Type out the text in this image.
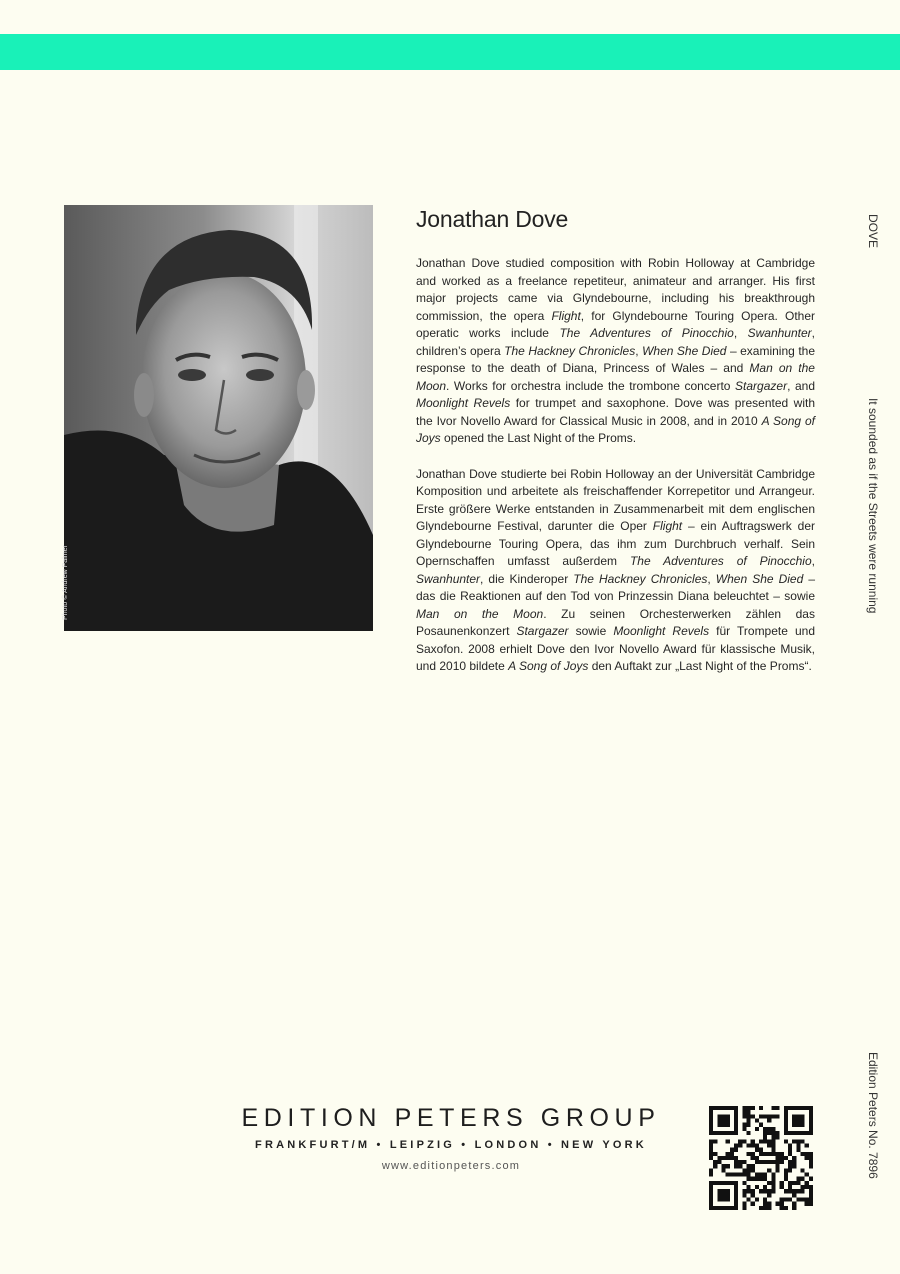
Photo © Andrew Palmer
Jonathan Dove

Jonathan Dove studied composition with Robin Holloway at Cambridge and worked as a freelance repetiteur, animateur and arranger. His first major projects came via Glyndebourne, including his breakthrough commission, the opera Flight, for Glyndebourne Touring Opera. Other operatic works include The Adventures of Pinocchio, Swanhunter, children’s opera The Hackney Chronicles, When She Died – examining the response to the death of Diana, Princess of Wales – and Man on the Moon. Works for orchestra include the trombone concerto Stargazer, and Moonlight Revels for trumpet and saxophone. Dove was presented with the Ivor Novello Award for Classical Music in 2008, and in 2010 A Song of Joys opened the Last Night of the Proms.

Jonathan Dove studierte bei Robin Holloway an der Universität Cambridge Komposition und arbeitete als freischaffender Korrepetitor und Arrangeur. Erste größere Werke entstanden in Zusammenarbeit mit dem englischen Glyndebourne Festival, darunter die Oper Flight – ein Auftragswerk der Glyndebourne Touring Opera, das ihm zum Durchbruch verhalf. Sein Opernschaffen umfasst außerdem The Adventures of Pinocchio, Swanhunter, die Kinderoper The Hackney Chronicles, When She Died – das die Reaktionen auf den Tod von Prinzessin Diana beleuchtet – sowie Man on the Moon. Zu seinen Orchesterwerken zählen das Posaunenkonzert Stargazer sowie Moonlight Revels für Trompete und Saxofon. 2008 erhielt Dove den Ivor Novello Award für klassische Musik, und 2010 bildete A Song of Joys den Auftakt zur „Last Night of the Proms“.

DOVE
It sounded as if the Streets were running
Edition Peters No. 7896
EDITION PETERS GROUP
FRANKFURT/M • LEIPZIG • LONDON • NEW YORK
www.editionpeters.com
